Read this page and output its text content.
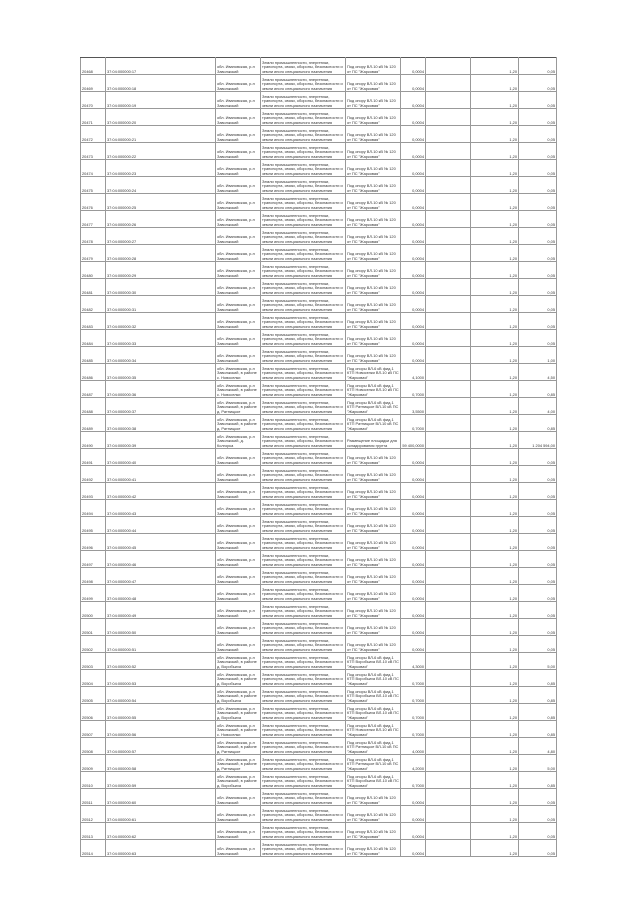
20468	37:04:000000:17	обл. Ивановская, р-н Заволжский	Земли промышленности, энергетики, транспорта, связи, обороны, безопасности и земли иного специального назначения	Под опору ВЛ-10 кВ № 120 от ПС "Жарковая"	0,0004		1,20	0,05
20469	37:04:000000:18	обл. Ивановская, р-н Заволжский	Земли промышленности, энергетики, транспорта, связи, обороны, безопасности и земли иного специального назначения	Под опору ВЛ-10 кВ № 120 от ПС "Жарковая"	0,0004		1,20	0,05
20470	37:04:000000:19	обл. Ивановская, р-н Заволжский	Земли промышленности, энергетики, транспорта, связи, обороны, безопасности и земли иного специального назначения	Под опору ВЛ-10 кВ № 120 от ПС "Жарковая"	0,0004		1,20	0,05
20471	37:04:000000:20	обл. Ивановская, р-н Заволжский	Земли промышленности, энергетики, транспорта, связи, обороны, безопасности и земли иного специального назначения	Под опору ВЛ-10 кВ № 120 от ПС "Жарковая"	0,0004		1,20	0,05
20472	37:04:000000:21	обл. Ивановская, р-н Заволжский	Земли промышленности, энергетики, транспорта, связи, обороны, безопасности и земли иного специального назначения	Под опору ВЛ-10 кВ № 120 от ПС "Жарковая"	0,0004		1,20	0,05
20473	37:04:000000:22	обл. Ивановская, р-н Заволжский	Земли промышленности, энергетики, транспорта, связи, обороны, безопасности и земли иного специального назначения	Под опору ВЛ-10 кВ № 120 от ПС "Жарковая"	0,0004		1,20	0,05
20474	37:04:000000:23	обл. Ивановская, р-н Заволжский	Земли промышленности, энергетики, транспорта, связи, обороны, безопасности и земли иного специального назначения	Под опору ВЛ-10 кВ № 120 от ПС "Жарковая"	0,0004		1,20	0,05
20475	37:04:000000:24	обл. Ивановская, р-н Заволжский	Земли промышленности, энергетики, транспорта, связи, обороны, безопасности и земли иного специального назначения	Под опору ВЛ-10 кВ № 120 от ПС "Жарковая"	0,0004		1,20	0,05
20476	37:04:000000:25	обл. Ивановская, р-н Заволжский	Земли промышленности, энергетики, транспорта, связи, обороны, безопасности и земли иного специального назначения	Под опору ВЛ-10 кВ № 120 от ПС "Жарковая"	0,0004		1,20	0,05
20477	37:04:000000:26	обл. Ивановская, р-н Заволжский	Земли промышленности, энергетики, транспорта, связи, обороны, безопасности и земли иного специального назначения	Под опору ВЛ-10 кВ № 120 от ПС "Жарковая"	0,0004		1,20	0,05
20478	37:04:000000:27	обл. Ивановская, р-н Заволжский	Земли промышленности, энергетики, транспорта, связи, обороны, безопасности и земли иного специального назначения	Под опору ВЛ-10 кВ № 120 от ПС "Жарковая"	0,0004		1,20	0,05
20479	37:04:000000:28	обл. Ивановская, р-н Заволжский	Земли промышленности, энергетики, транспорта, связи, обороны, безопасности и земли иного специального назначения	Под опору ВЛ-10 кВ № 120 от ПС "Жарковая"	0,0004		1,20	0,05
20480	37:04:000000:29	обл. Ивановская, р-н Заволжский	Земли промышленности, энергетики, транспорта, связи, обороны, безопасности и земли иного специального назначения	Под опору ВЛ-10 кВ № 120 от ПС "Жарковая"	0,0004		1,20	0,05
20481	37:04:000000:30	обл. Ивановская, р-н Заволжский	Земли промышленности, энергетики, транспорта, связи, обороны, безопасности и земли иного специального назначения	Под опору ВЛ-10 кВ № 120 от ПС "Жарковая"	0,0004		1,20	0,05
20482	37:04:000000:31	обл. Ивановская, р-н Заволжский	Земли промышленности, энергетики, транспорта, связи, обороны, безопасности и земли иного специального назначения	Под опору ВЛ-10 кВ № 120 от ПС "Жарковая"	0,0004		1,20	0,05
20483	37:04:000000:32	обл. Ивановская, р-н Заволжский	Земли промышленности, энергетики, транспорта, связи, обороны, безопасности и земли иного специального назначения	Под опору ВЛ-10 кВ № 120 от ПС "Жарковая"	0,0004		1,20	0,05
20484	37:04:000000:33	обл. Ивановская, р-н Заволжский	Земли промышленности, энергетики, транспорта, связи, обороны, безопасности и земли иного специального назначения	Под опору ВЛ-10 кВ № 120 от ПС "Жарковая"	0,0004		1,20	0,05
20485	37:04:000000:34	обл. Ивановская, р-н Заволжский	Земли промышленности, энергетики, транспорта, связи, обороны, безопасности и земли иного специального назначения	Под опору ВЛ-10 кВ № 120 от ПС "Жарковая"	0,0004		1,20	1,00
20486	37:04:000000:35	обл. Ивановская, р-н Заволжский, в районе с. Новоселки	Земли промышленности, энергетики, транспорта, связи, обороны, безопасности и земли иного специального назначения	Под опоры ВЛ-6 кВ фид.1 КТП Новоселки ВЛ-10 кВ ПС "Жарковая"	4,1000		1,20	4,50
20487	37:04:000000:36	обл. Ивановская, р-н Заволжский, в районе с. Новоселки	Земли промышленности, энергетики, транспорта, связи, обороны, безопасности и земли иного специального назначения	Под опоры ВЛ-6 кВ фид.1 КТП Новоселки ВЛ-10 кВ ПС "Жарковая"	0,7000		1,20	0,85
20488	37:04:000000:37	обл. Ивановская, р-н Заволжский, в районе д. Ратницкое	Земли промышленности, энергетики, транспорта, связи, обороны, безопасности и земли иного специального назначения	Под опоры ВЛ-6 кВ фид.1 КТП Ратницкое ВЛ-10 кВ ПС "Жарковая"	3,5500		1,20	4,00
20489	37:04:000000:38	обл. Ивановская, р-н Заволжский, в районе д. Ратницкое	Земли промышленности, энергетики, транспорта, связи, обороны, безопасности и земли иного специального назначения	Под опоры ВЛ-6 кВ фид.1 КТП Ратницкое ВЛ-10 кВ ПС "Жарковая"	0,7000		1,20	0,85
20490	37:04:000000:39	обл. Ивановская, р-н Заволжский, д. Колгорка	Земли промышленности, энергетики, транспорта, связи, обороны, безопасности и земли иного специального назначения	Размещение площадки для складирования грунта	59 400,0000		1,20	1 204 594,00
20491	37:04:000000:40	обл. Ивановская, р-н Заволжский	Земли промышленности, энергетики, транспорта, связи, обороны, безопасности и земли иного специального назначения	Под опору ВЛ-10 кВ № 120 от ПС "Жарковая"	0,0004		1,20	0,05
20492	37:04:000000:41	обл. Ивановская, р-н Заволжский	Земли промышленности, энергетики, транспорта, связи, обороны, безопасности и земли иного специального назначения	Под опору ВЛ-10 кВ № 120 от ПС "Жарковая"	0,0004		1,20	0,05
20493	37:04:000000:42	обл. Ивановская, р-н Заволжский	Земли промышленности, энергетики, транспорта, связи, обороны, безопасности и земли иного специального назначения	Под опору ВЛ-10 кВ № 120 от ПС "Жарковая"	0,0004		1,20	0,05
20494	37:04:000000:43	обл. Ивановская, р-н Заволжский	Земли промышленности, энергетики, транспорта, связи, обороны, безопасности и земли иного специального назначения	Под опору ВЛ-10 кВ № 120 от ПС "Жарковая"	0,0004		1,20	0,05
20495	37:04:000000:44	обл. Ивановская, р-н Заволжский	Земли промышленности, энергетики, транспорта, связи, обороны, безопасности и земли иного специального назначения	Под опору ВЛ-10 кВ № 120 от ПС "Жарковая"	0,0004		1,20	0,05
20496	37:04:000000:45	обл. Ивановская, р-н Заволжский	Земли промышленности, энергетики, транспорта, связи, обороны, безопасности и земли иного специального назначения	Под опору ВЛ-10 кВ № 120 от ПС "Жарковая"	0,0004		1,20	0,05
20497	37:04:000000:46	обл. Ивановская, р-н Заволжский	Земли промышленности, энергетики, транспорта, связи, обороны, безопасности и земли иного специального назначения	Под опору ВЛ-10 кВ № 120 от ПС "Жарковая"	0,0004		1,20	0,05
20498	37:04:000000:47	обл. Ивановская, р-н Заволжский	Земли промышленности, энергетики, транспорта, связи, обороны, безопасности и земли иного специального назначения	Под опору ВЛ-10 кВ № 120 от ПС "Жарковая"	0,0004		1,20	0,05
20499	37:04:000000:48	обл. Ивановская, р-н Заволжский	Земли промышленности, энергетики, транспорта, связи, обороны, безопасности и земли иного специального назначения	Под опору ВЛ-10 кВ № 120 от ПС "Жарковая"	0,0004		1,20	0,05
20500	37:04:000000:49	обл. Ивановская, р-н Заволжский	Земли промышленности, энергетики, транспорта, связи, обороны, безопасности и земли иного специального назначения	Под опору ВЛ-10 кВ № 120 от ПС "Жарковая"	0,0004		1,20	0,05
20501	37:04:000000:50	обл. Ивановская, р-н Заволжский	Земли промышленности, энергетики, транспорта, связи, обороны, безопасности и земли иного специального назначения	Под опору ВЛ-10 кВ № 120 от ПС "Жарковая"	0,0004		1,20	0,05
20502	37:04:000000:51	обл. Ивановская, р-н Заволжский	Земли промышленности, энергетики, транспорта, связи, обороны, безопасности и земли иного специального назначения	Под опору ВЛ-10 кВ № 120 от ПС "Жарковая"	0,0004		1,20	0,05
20503	37:04:000000:52	обл. Ивановская, р-н Заволжский, в районе д. Воробьиха	Земли промышленности, энергетики, транспорта, связи, обороны, безопасности и земли иного специального назначения	Под опоры ВЛ-6 кВ фид.1 КТП Воробьиха ВЛ-10 кВ ПС "Жарковая"	4,3000		1,20	5,00
20504	37:04:000000:53	обл. Ивановская, р-н Заволжский, в районе д. Воробьиха	Земли промышленности, энергетики, транспорта, связи, обороны, безопасности и земли иного специального назначения	Под опоры ВЛ-6 кВ фид.1 КТП Воробьиха ВЛ-10 кВ ПС "Жарковая"	0,7000		1,20	0,85
20505	37:04:000000:54	обл. Ивановская, р-н Заволжский, в районе д. Воробьиха	Земли промышленности, энергетики, транспорта, связи, обороны, безопасности и земли иного специального назначения	Под опоры ВЛ-6 кВ фид.1 КТП Воробьиха ВЛ-10 кВ ПС "Жарковая"	0,7000		1,20	0,85
20506	37:04:000000:55	обл. Ивановская, р-н Заволжский, в районе д. Воробьиха	Земли промышленности, энергетики, транспорта, связи, обороны, безопасности и земли иного специального назначения	Под опоры ВЛ-6 кВ фид.1 КТП Воробьиха ВЛ-10 кВ ПС "Жарковая"	0,7000		1,20	0,85
20507	37:04:000000:56	обл. Ивановская, р-н Заволжский, в районе с. Новоселки	Земли промышленности, энергетики, транспорта, связи, обороны, безопасности и земли иного специального назначения	Под опоры ВЛ-6 кВ фид.1 КТП Новоселки ВЛ-10 кВ ПС "Жарковая"	0,7000		1,20	0,85
20508	37:04:000000:57	обл. Ивановская, р-н Заволжский, в районе д. Ратницкое	Земли промышленности, энергетики, транспорта, связи, обороны, безопасности и земли иного специального назначения	Под опоры ВЛ-6 кВ фид.1 КТП Ратницкое ВЛ-10 кВ ПС "Жарковая"	4,0000		1,20	4,80
20509	37:04:000000:58	обл. Ивановская, р-н Заволжский, в районе д. Ратницкое	Земли промышленности, энергетики, транспорта, связи, обороны, безопасности и земли иного специального назначения	Под опоры ВЛ-6 кВ фид.1 КТП Ратницкое ВЛ-10 кВ ПС "Жарковая"	4,2000		1,20	5,00
20510	37:04:000000:59	обл. Ивановская, р-н Заволжский, в районе д. Воробьиха	Земли промышленности, энергетики, транспорта, связи, обороны, безопасности и земли иного специального назначения	Под опоры ВЛ-6 кВ фид.1 КТП Воробьиха ВЛ-10 кВ ПС "Жарковая"	0,7000		1,20	0,85
20511	37:04:000000:60	обл. Ивановская, р-н Заволжский	Земли промышленности, энергетики, транспорта, связи, обороны, безопасности и земли иного специального назначения	Под опору ВЛ-10 кВ № 120 от ПС "Жарковая"	0,0004		1,20	0,05
20512	37:04:000000:61	обл. Ивановская, р-н Заволжский	Земли промышленности, энергетики, транспорта, связи, обороны, безопасности и земли иного специального назначения	Под опору ВЛ-10 кВ № 120 от ПС "Жарковая"	0,0004		1,20	0,05
20513	37:04:000000:62	обл. Ивановская, р-н Заволжский	Земли промышленности, энергетики, транспорта, связи, обороны, безопасности и земли иного специального назначения	Под опору ВЛ-10 кВ № 120 от ПС "Жарковая"	0,0004		1,20	0,05
20514	37:04:000000:63	обл. Ивановская, р-н Заволжский	Земли промышленности, энергетики, транспорта, связи, обороны, безопасности и земли иного специального назначения	Под опору ВЛ-10 кВ № 120 от ПС "Жарковая"	0,0004		1,20	0,05
